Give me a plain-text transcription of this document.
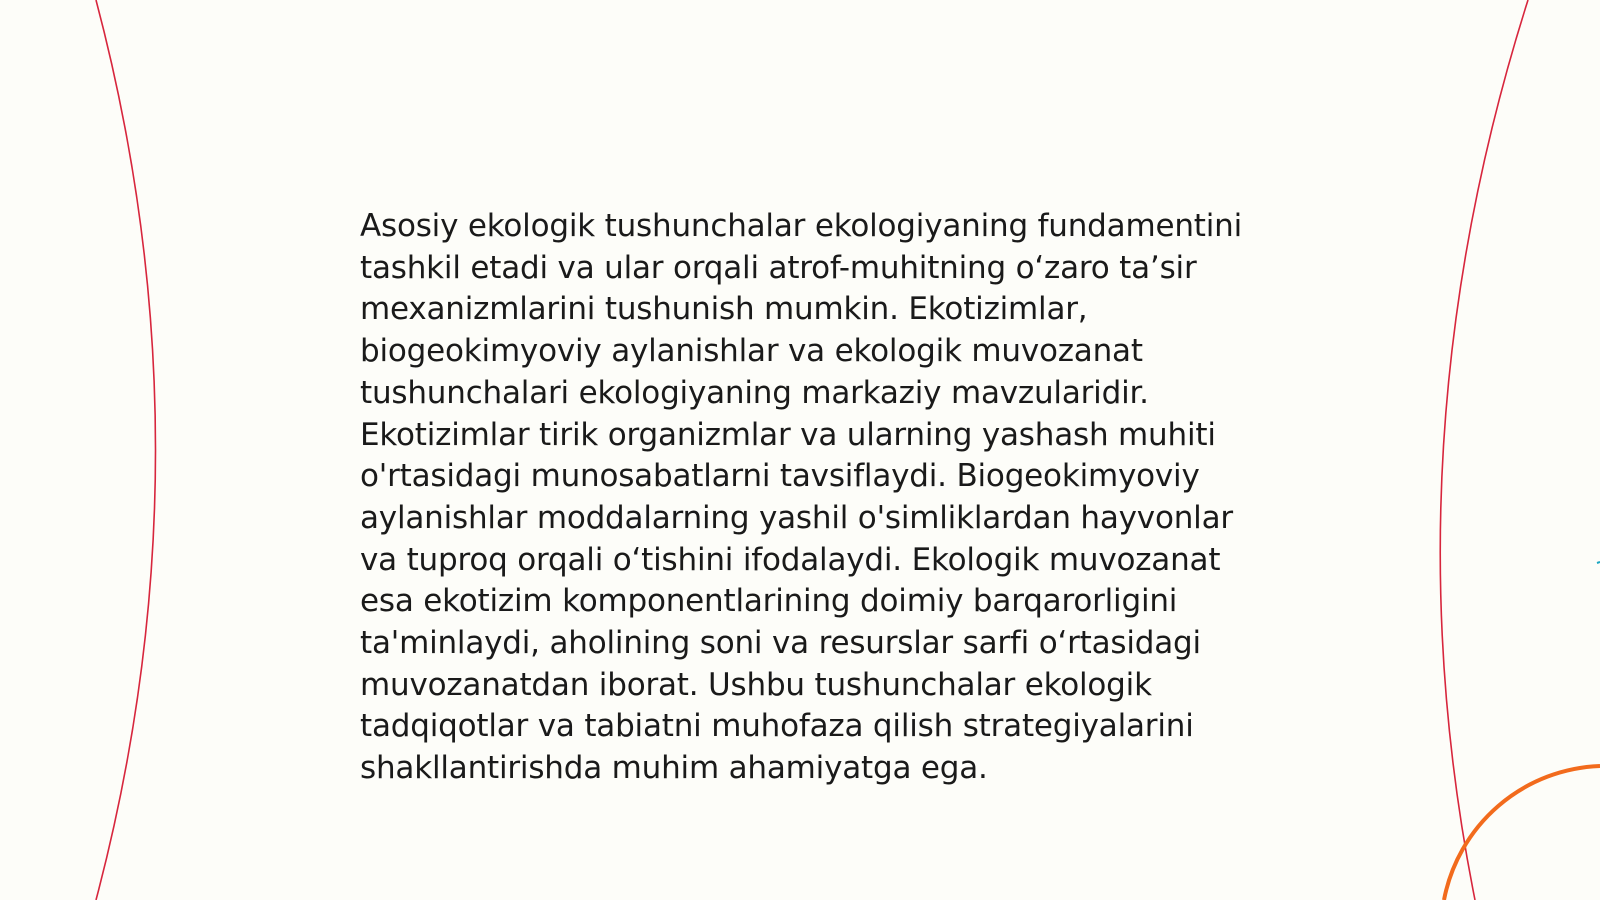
Asosiy ekologik tushunchalar ekologiyaning fundamentini tashkil etadi va ular orqali atrof-muhitning oʻzaro taʼsir mexanizmlarini tushunish mumkin. Ekotizimlar, biogeokimyoviy aylanishlar va ekologik muvozanat tushunchalari ekologiyaning markaziy mavzularidir. Ekotizimlar tirik organizmlar va ularning yashash muhiti o'rtasidagi munosabatlarni tavsiflaydi. Biogeokimyoviy aylanishlar moddalarning yashil o'simliklardan hayvonlar va tuproq orqali oʻtishini ifodalaydi. Ekologik muvozanat esa ekotizim komponentlarining doimiy barqarorligini ta'minlaydi, aholining soni va resurslar sarfi oʻrtasidagi muvozanatdan iborat. Ushbu tushunchalar ekologik tadqiqotlar va tabiatni muhofaza qilish strategiyalarini shakllantirishda muhim ahamiyatga ega.
